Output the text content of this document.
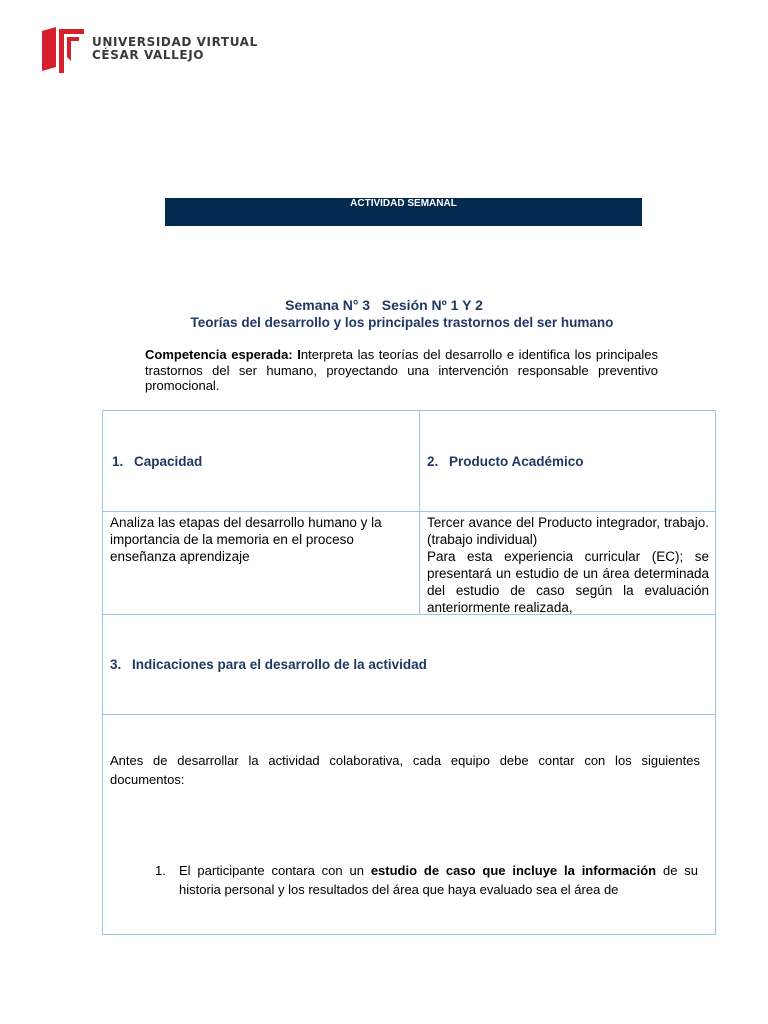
UNIVERSIDAD VIRTUAL
CÉSAR VALLEJO
ACTIVIDAD SEMANAL
Semana N° 3   Sesión Nº 1 Y 2
Teorías del desarrollo y los principales trastornos del ser humano
Competencia esperada: Interpreta las teorías del desarrollo e identifica los principales trastornos del ser humano, proyectando una intervención responsable preventivo promocional.
1. Capacidad	2. Producto Académico
Analiza las etapas del desarrollo humano y la importancia de la memoria en el proceso enseñanza aprendizaje
Tercer avance del Producto integrador, trabajo. (trabajo individual)
Para esta experiencia curricular (EC); se presentará un estudio de un área determinada del estudio de caso según la evaluación anteriormente realizada,
3. Indicaciones para el desarrollo de la actividad
Antes de desarrollar la actividad colaborativa, cada equipo debe contar con los siguientes documentos:
1. El participante contara con un estudio de caso que incluye la información de su historia personal y los resultados del área que haya evaluado sea el área de
